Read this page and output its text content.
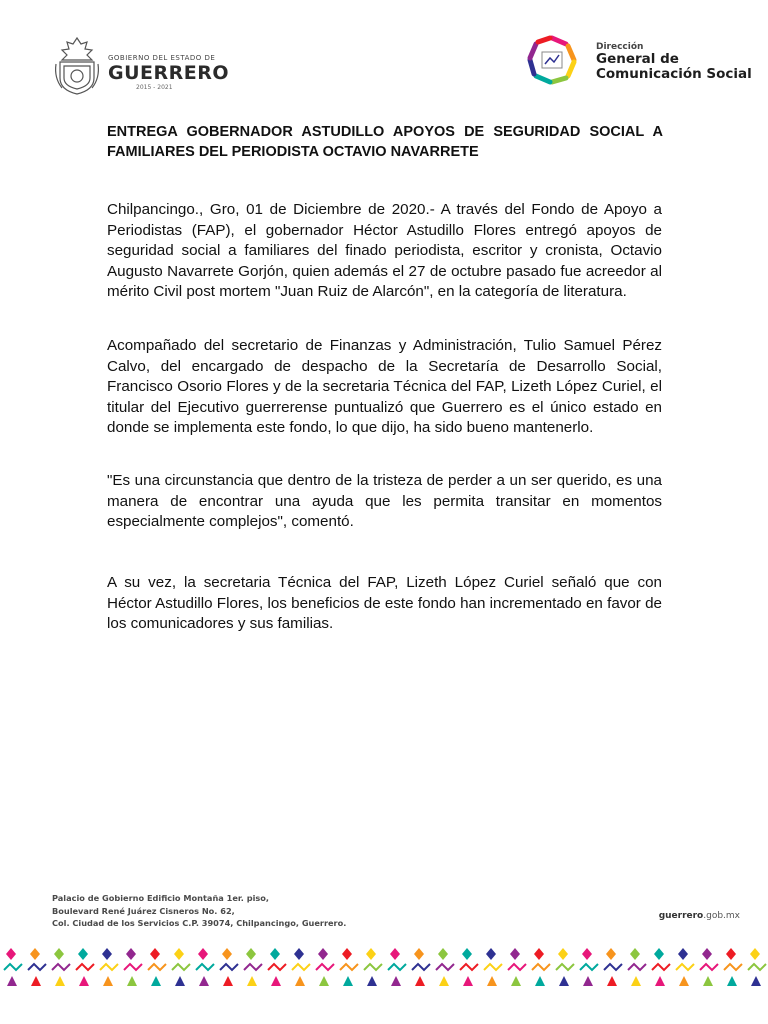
GOBIERNO DEL ESTADO DE
GUERRERO
2015 - 2021
Dirección
General de
Comunicación Social
ENTREGA GOBERNADOR ASTUDILLO APOYOS DE SEGURIDAD SOCIAL A FAMILIARES DEL PERIODISTA OCTAVIO NAVARRETE

Chilpancingo., Gro, 01 de Diciembre de 2020.- A través del Fondo de Apoyo a Periodistas (FAP), el gobernador Héctor Astudillo Flores entregó apoyos de seguridad social a familiares del finado periodista, escritor y cronista, Octavio Augusto Navarrete Gorjón, quien además el 27 de octubre pasado fue acreedor al mérito Civil post mortem "Juan Ruiz de Alarcón", en la categoría de literatura.

Acompañado del secretario de Finanzas y Administración, Tulio Samuel Pérez Calvo, del encargado de despacho de la Secretaría de Desarrollo Social, Francisco Osorio Flores y de la secretaria Técnica del FAP, Lizeth López Curiel, el titular del Ejecutivo guerrerense puntualizó que Guerrero es el único estado en donde se implementa este fondo, lo que dijo, ha sido bueno mantenerlo.

"Es una circunstancia que dentro de la tristeza de perder a un ser querido, es una manera de encontrar una ayuda que les permita transitar en momentos especialmente complejos", comentó.

A su vez, la secretaria Técnica del FAP, Lizeth López Curiel señaló que con Héctor Astudillo Flores, los beneficios de este fondo han incrementado en favor de los comunicadores y sus familias.

Palacio de Gobierno Edificio Montaña 1er. piso,
Boulevard René Juárez Cisneros No. 62,
Col. Ciudad de los Servicios C.P. 39074, Chilpancingo, Guerrero.
guerrero.gob.mx
